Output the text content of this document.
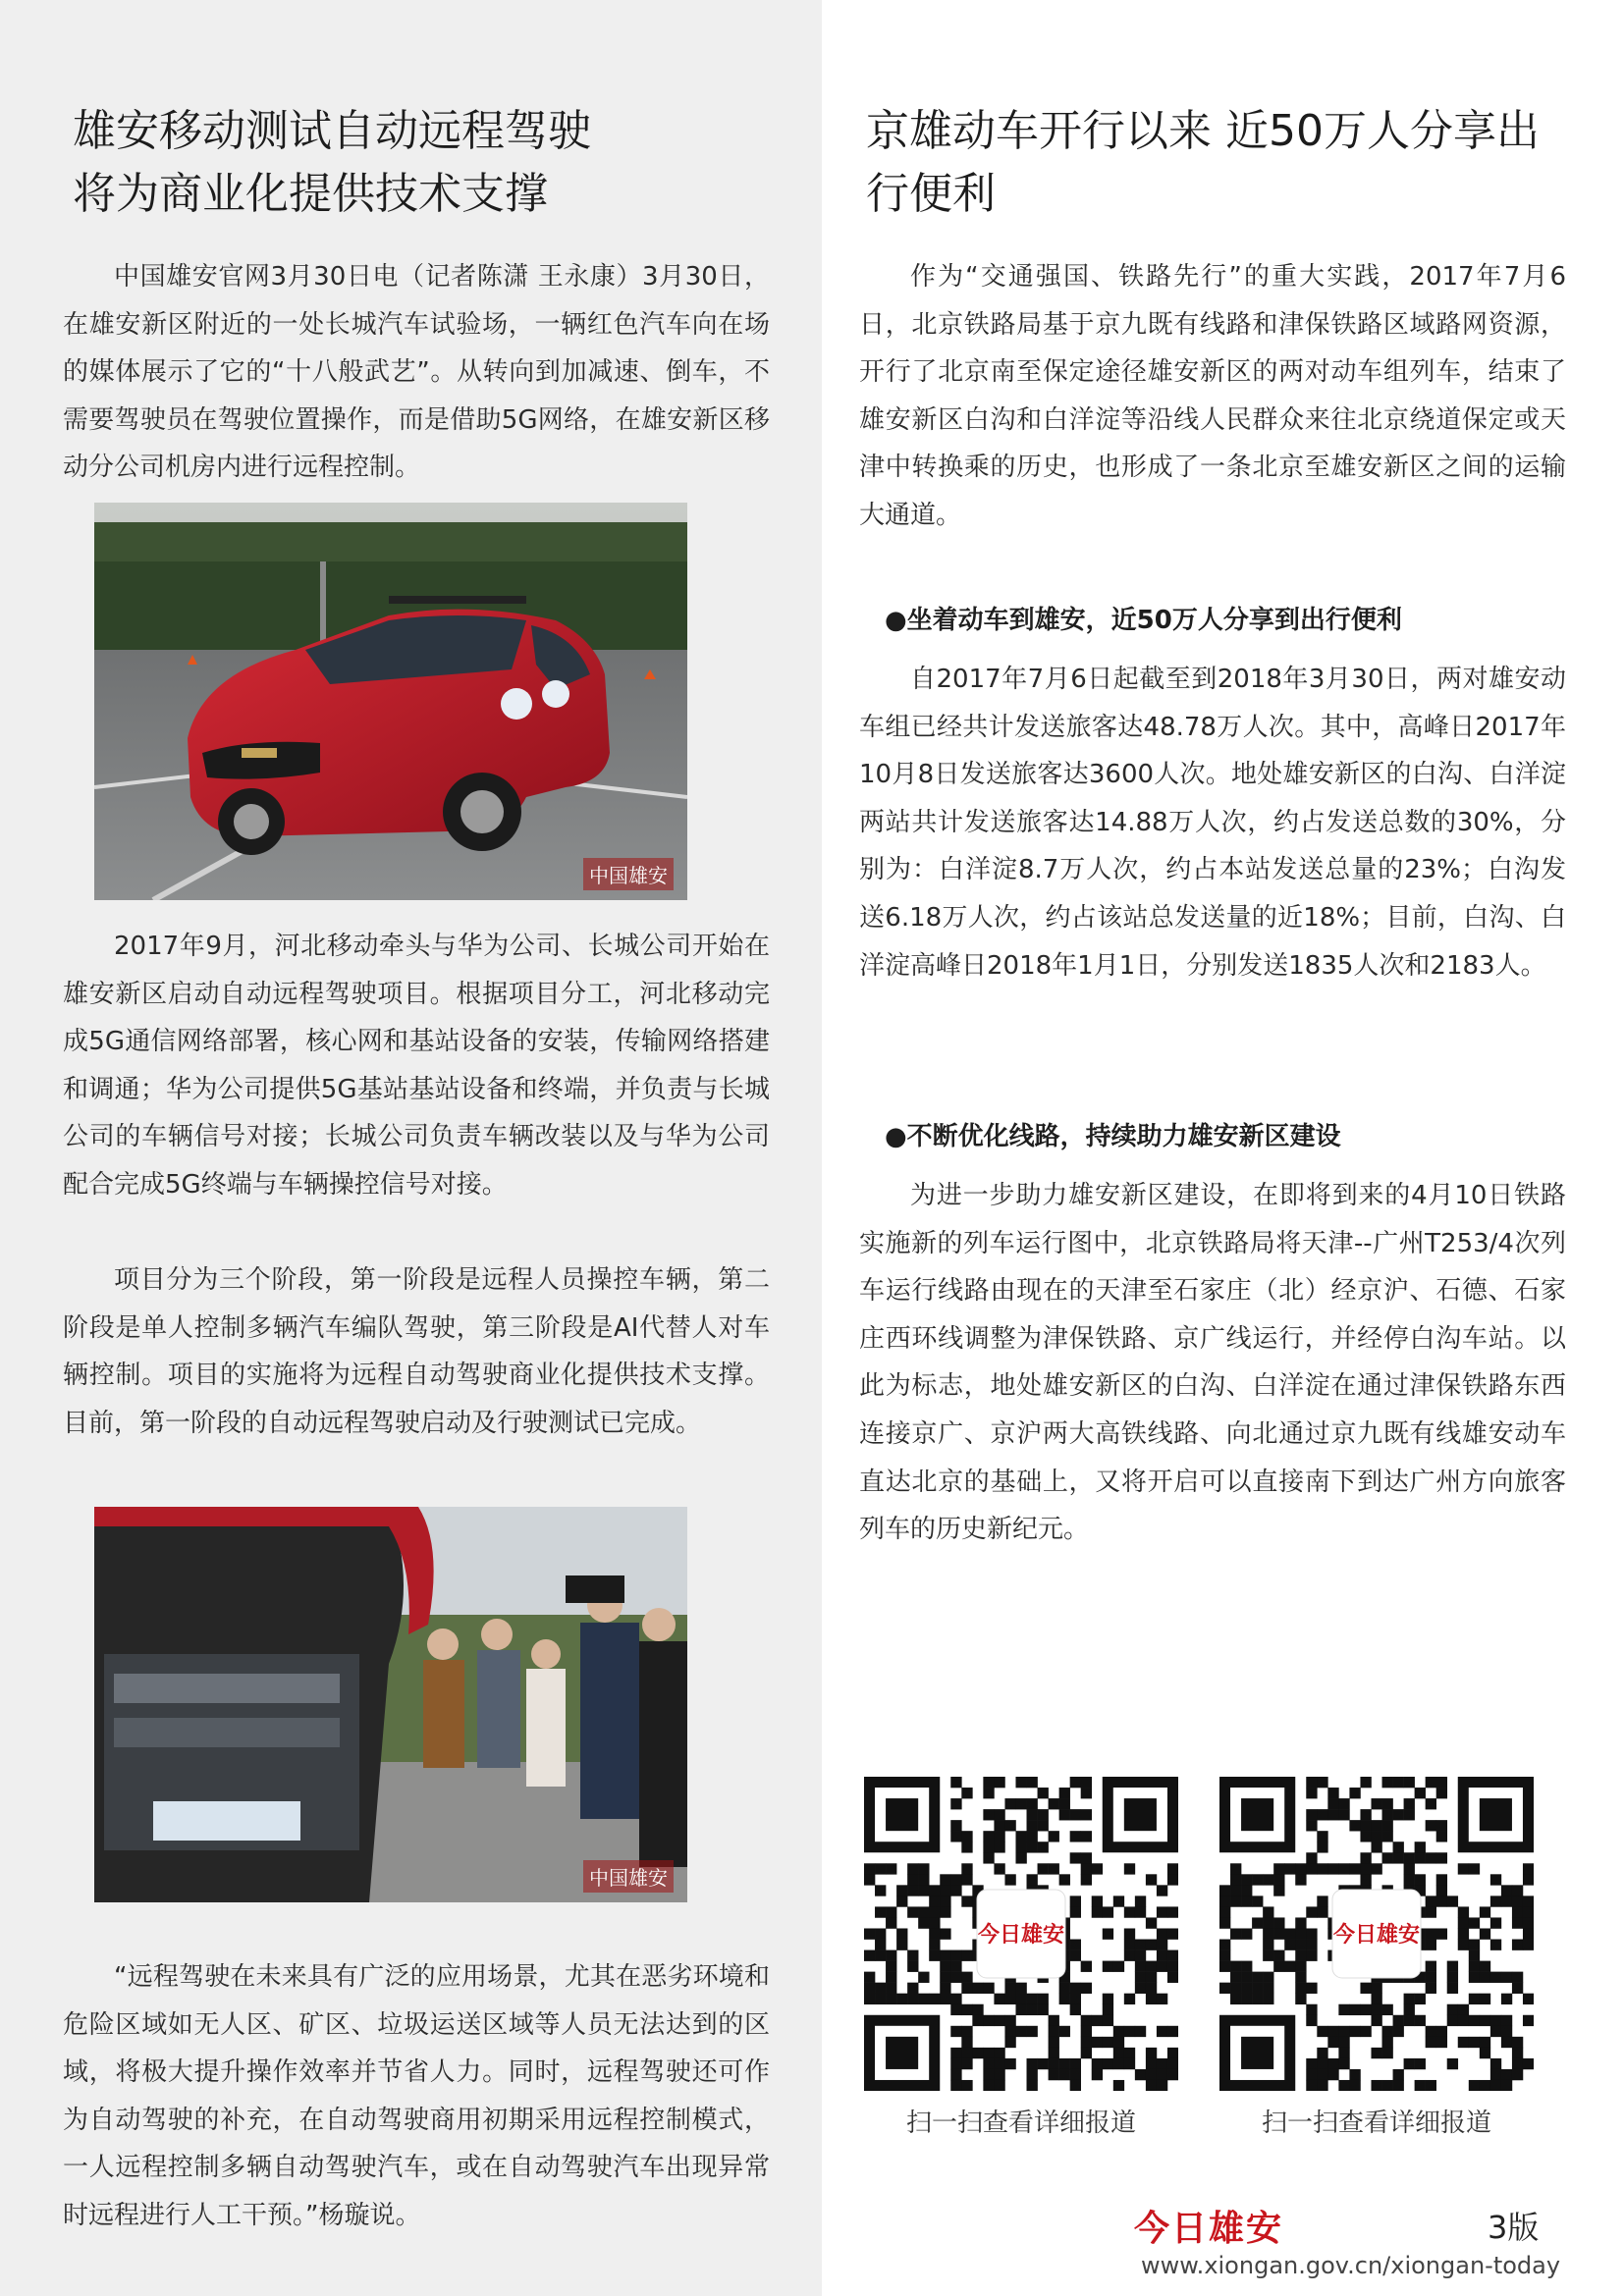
雄安移动测试自动远程驾驶
将为商业化提供技术支撑

中国雄安官网3月30日电（记者陈潇 王永康）3月30日，在雄安新区附近的一处长城汽车试验场，一辆红色汽车向在场的媒体展示了它的“十八般武艺”。从转向到加减速、倒车，不需要驾驶员在驾驶位置操作，而是借助5G网络，在雄安新区移动分公司机房内进行远程控制。

中国雄安

2017年9月，河北移动牵头与华为公司、长城公司开始在雄安新区启动自动远程驾驶项目。根据项目分工，河北移动完成5G通信网络部署，核心网和基站设备的安装，传输网络搭建和调通；华为公司提供5G基站基站设备和终端，并负责与长城公司的车辆信号对接；长城公司负责车辆改装以及与华为公司配合完成5G终端与车辆操控信号对接。

项目分为三个阶段，第一阶段是远程人员操控车辆，第二阶段是单人控制多辆汽车编队驾驶，第三阶段是AI代替人对车辆控制。项目的实施将为远程自动驾驶商业化提供技术支撑。目前，第一阶段的自动远程驾驶启动及行驶测试已完成。

中国雄安

“远程驾驶在未来具有广泛的应用场景，尤其在恶劣环境和危险区域如无人区、矿区、垃圾运送区域等人员无法达到的区域，将极大提升操作效率并节省人力。同时，远程驾驶还可作为自动驾驶的补充，在自动驾驶商用初期采用远程控制模式，一人远程控制多辆自动驾驶汽车，或在自动驾驶汽车出现异常时远程进行人工干预。”杨璇说。

京雄动车开行以来 近50万人分享出
行便利

作为“交通强国、铁路先行”的重大实践，2017年7月6日，北京铁路局基于京九既有线路和津保铁路区域路网资源，开行了北京南至保定途径雄安新区的两对动车组列车，结束了雄安新区白沟和白洋淀等沿线人民群众来往北京绕道保定或天津中转换乘的历史，也形成了一条北京至雄安新区之间的运输大通道。

●坐着动车到雄安，近50万人分享到出行便利

自2017年7月6日起截至到2018年3月30日，两对雄安动车组已经共计发送旅客达48.78万人次。其中，高峰日2017年10月8日发送旅客达3600人次。地处雄安新区的白沟、白洋淀两站共计发送旅客达14.88万人次，约占发送总数的30%，分别为：白洋淀8.7万人次，约占本站发送总量的23%；白沟发送6.18万人次，约占该站总发送量的近18%；目前，白沟、白洋淀高峰日2018年1月1日，分别发送1835人次和2183人。

●不断优化线路，持续助力雄安新区建设

为进一步助力雄安新区建设，在即将到来的4月10日铁路实施新的列车运行图中，北京铁路局将天津--广州T253/4次列车运行线路由现在的天津至石家庄（北）经京沪、石德、石家庄西环线调整为津保铁路、京广线运行，并经停白沟车站。以此为标志，地处雄安新区的白沟、白洋淀在通过津保铁路东西连接京广、京沪两大高铁线路、向北通过京九既有线雄安动车直达北京的基础上，又将开启可以直接南下到达广州方向旅客列车的历史新纪元。

今日雄安
扫一扫查看详细报道
今日雄安
扫一扫查看详细报道
今日雄安	3版
www.xiongan.gov.cn/xiongan-today
